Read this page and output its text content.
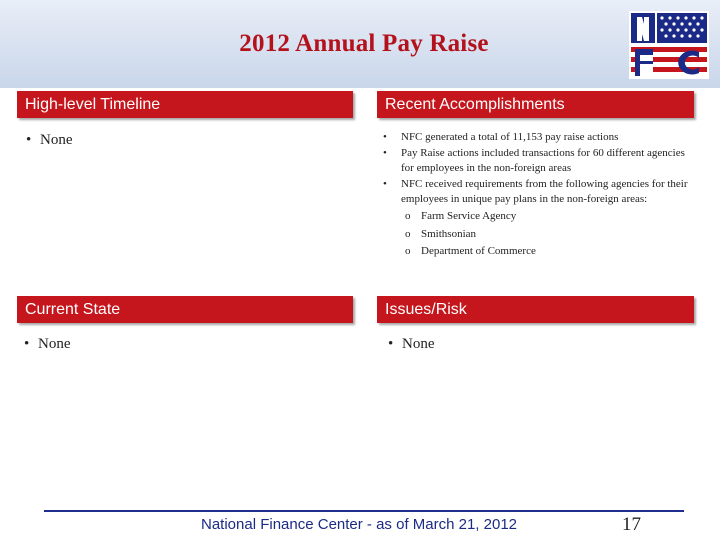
2012 Annual Pay Raise
High-level Timeline
• None
Recent Accomplishments
• NFC generated a total of 11,153 pay raise actions
• Pay Raise actions included transactions for 60 different agencies for employees in the non-foreign areas
• NFC received requirements from the following agencies for their employees in unique pay plans in the non-foreign areas:
o Farm Service Agency
o Smithsonian
o Department of Commerce
Current State
• None
Issues/Risk
• None
National Finance Center - as of March 21, 2012	17
